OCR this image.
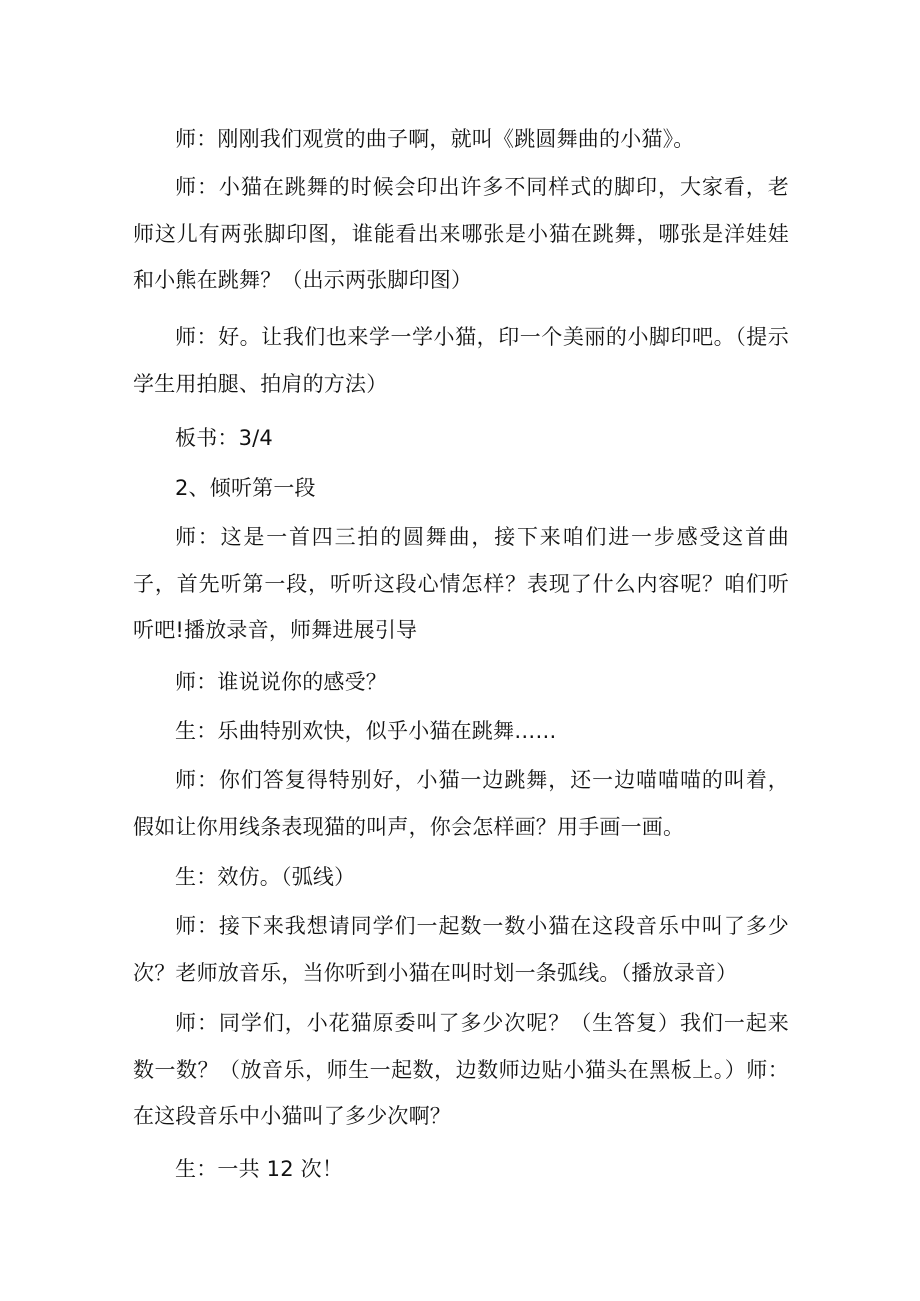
师：刚刚我们观赏的曲子啊，就叫《跳圆舞曲的小猫》。

师：小猫在跳舞的时候会印出许多不同样式的脚印，大家看，老师这儿有两张脚印图，谁能看出来哪张是小猫在跳舞，哪张是洋娃娃和小熊在跳舞？（出示两张脚印图）

师：好。让我们也来学一学小猫，印一个美丽的小脚印吧。（提示学生用拍腿、拍肩的方法）

板书：3/4

2、倾听第一段

师：这是一首四三拍的圆舞曲，接下来咱们进一步感受这首曲子，首先听第一段，听听这段心情怎样？表现了什么内容呢？咱们听听吧!播放录音，师舞进展引导

师：谁说说你的感受？

生：乐曲特别欢快，似乎小猫在跳舞……

师：你们答复得特别好，小猫一边跳舞，还一边喵喵喵的叫着，假如让你用线条表现猫的叫声，你会怎样画？用手画一画。

生：效仿。（弧线）

师：接下来我想请同学们一起数一数小猫在这段音乐中叫了多少次？老师放音乐，当你听到小猫在叫时划一条弧线。（播放录音）

师：同学们，小花猫原委叫了多少次呢？（生答复）我们一起来数一数？（放音乐，师生一起数，边数师边贴小猫头在黑板上。）师：在这段音乐中小猫叫了多少次啊？

生：一共 12 次！
